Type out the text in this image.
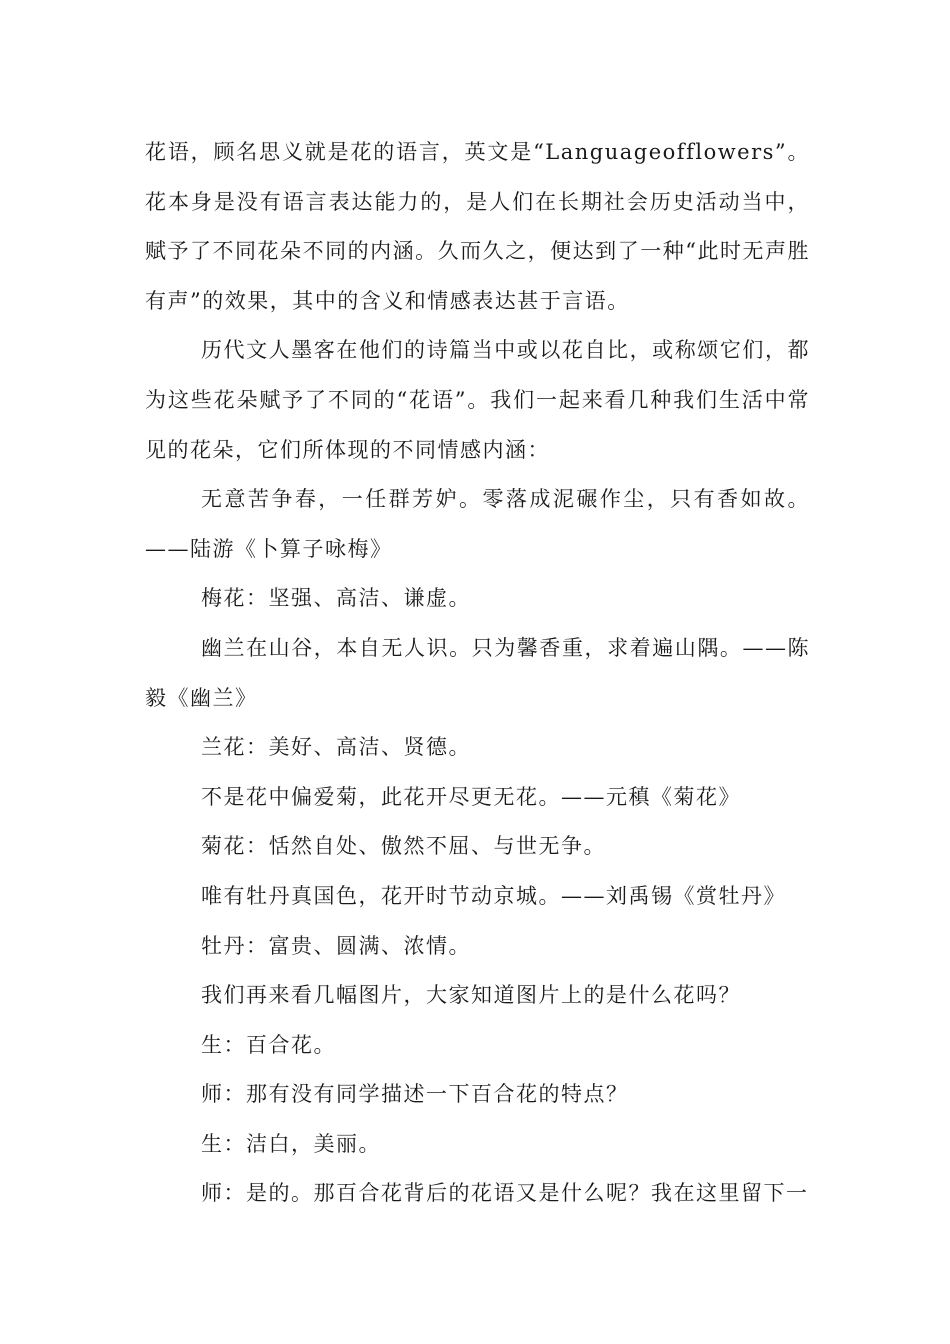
花语，顾名思义就是花的语言，英文是“Languageofflowers”。花本身是没有语言表达能力的，是人们在长期社会历史活动当中，赋予了不同花朵不同的内涵。久而久之，便达到了一种“此时无声胜有声”的效果，其中的含义和情感表达甚于言语。

历代文人墨客在他们的诗篇当中或以花自比，或称颂它们，都为这些花朵赋予了不同的“花语”。我们一起来看几种我们生活中常见的花朵，它们所体现的不同情感内涵：

无意苦争春，一任群芳妒。零落成泥碾作尘，只有香如故。——陆游《卜算子咏梅》

梅花：坚强、高洁、谦虚。

幽兰在山谷，本自无人识。只为馨香重，求着遍山隅。——陈毅《幽兰》

兰花：美好、高洁、贤德。

不是花中偏爱菊，此花开尽更无花。——元稹《菊花》

菊花：恬然自处、傲然不屈、与世无争。

唯有牡丹真国色，花开时节动京城。——刘禹锡《赏牡丹》

牡丹：富贵、圆满、浓情。

我们再来看几幅图片，大家知道图片上的是什么花吗？

生：百合花。

师：那有没有同学描述一下百合花的特点？

生：洁白，美丽。

师：是的。那百合花背后的花语又是什么呢？我在这里留下一
